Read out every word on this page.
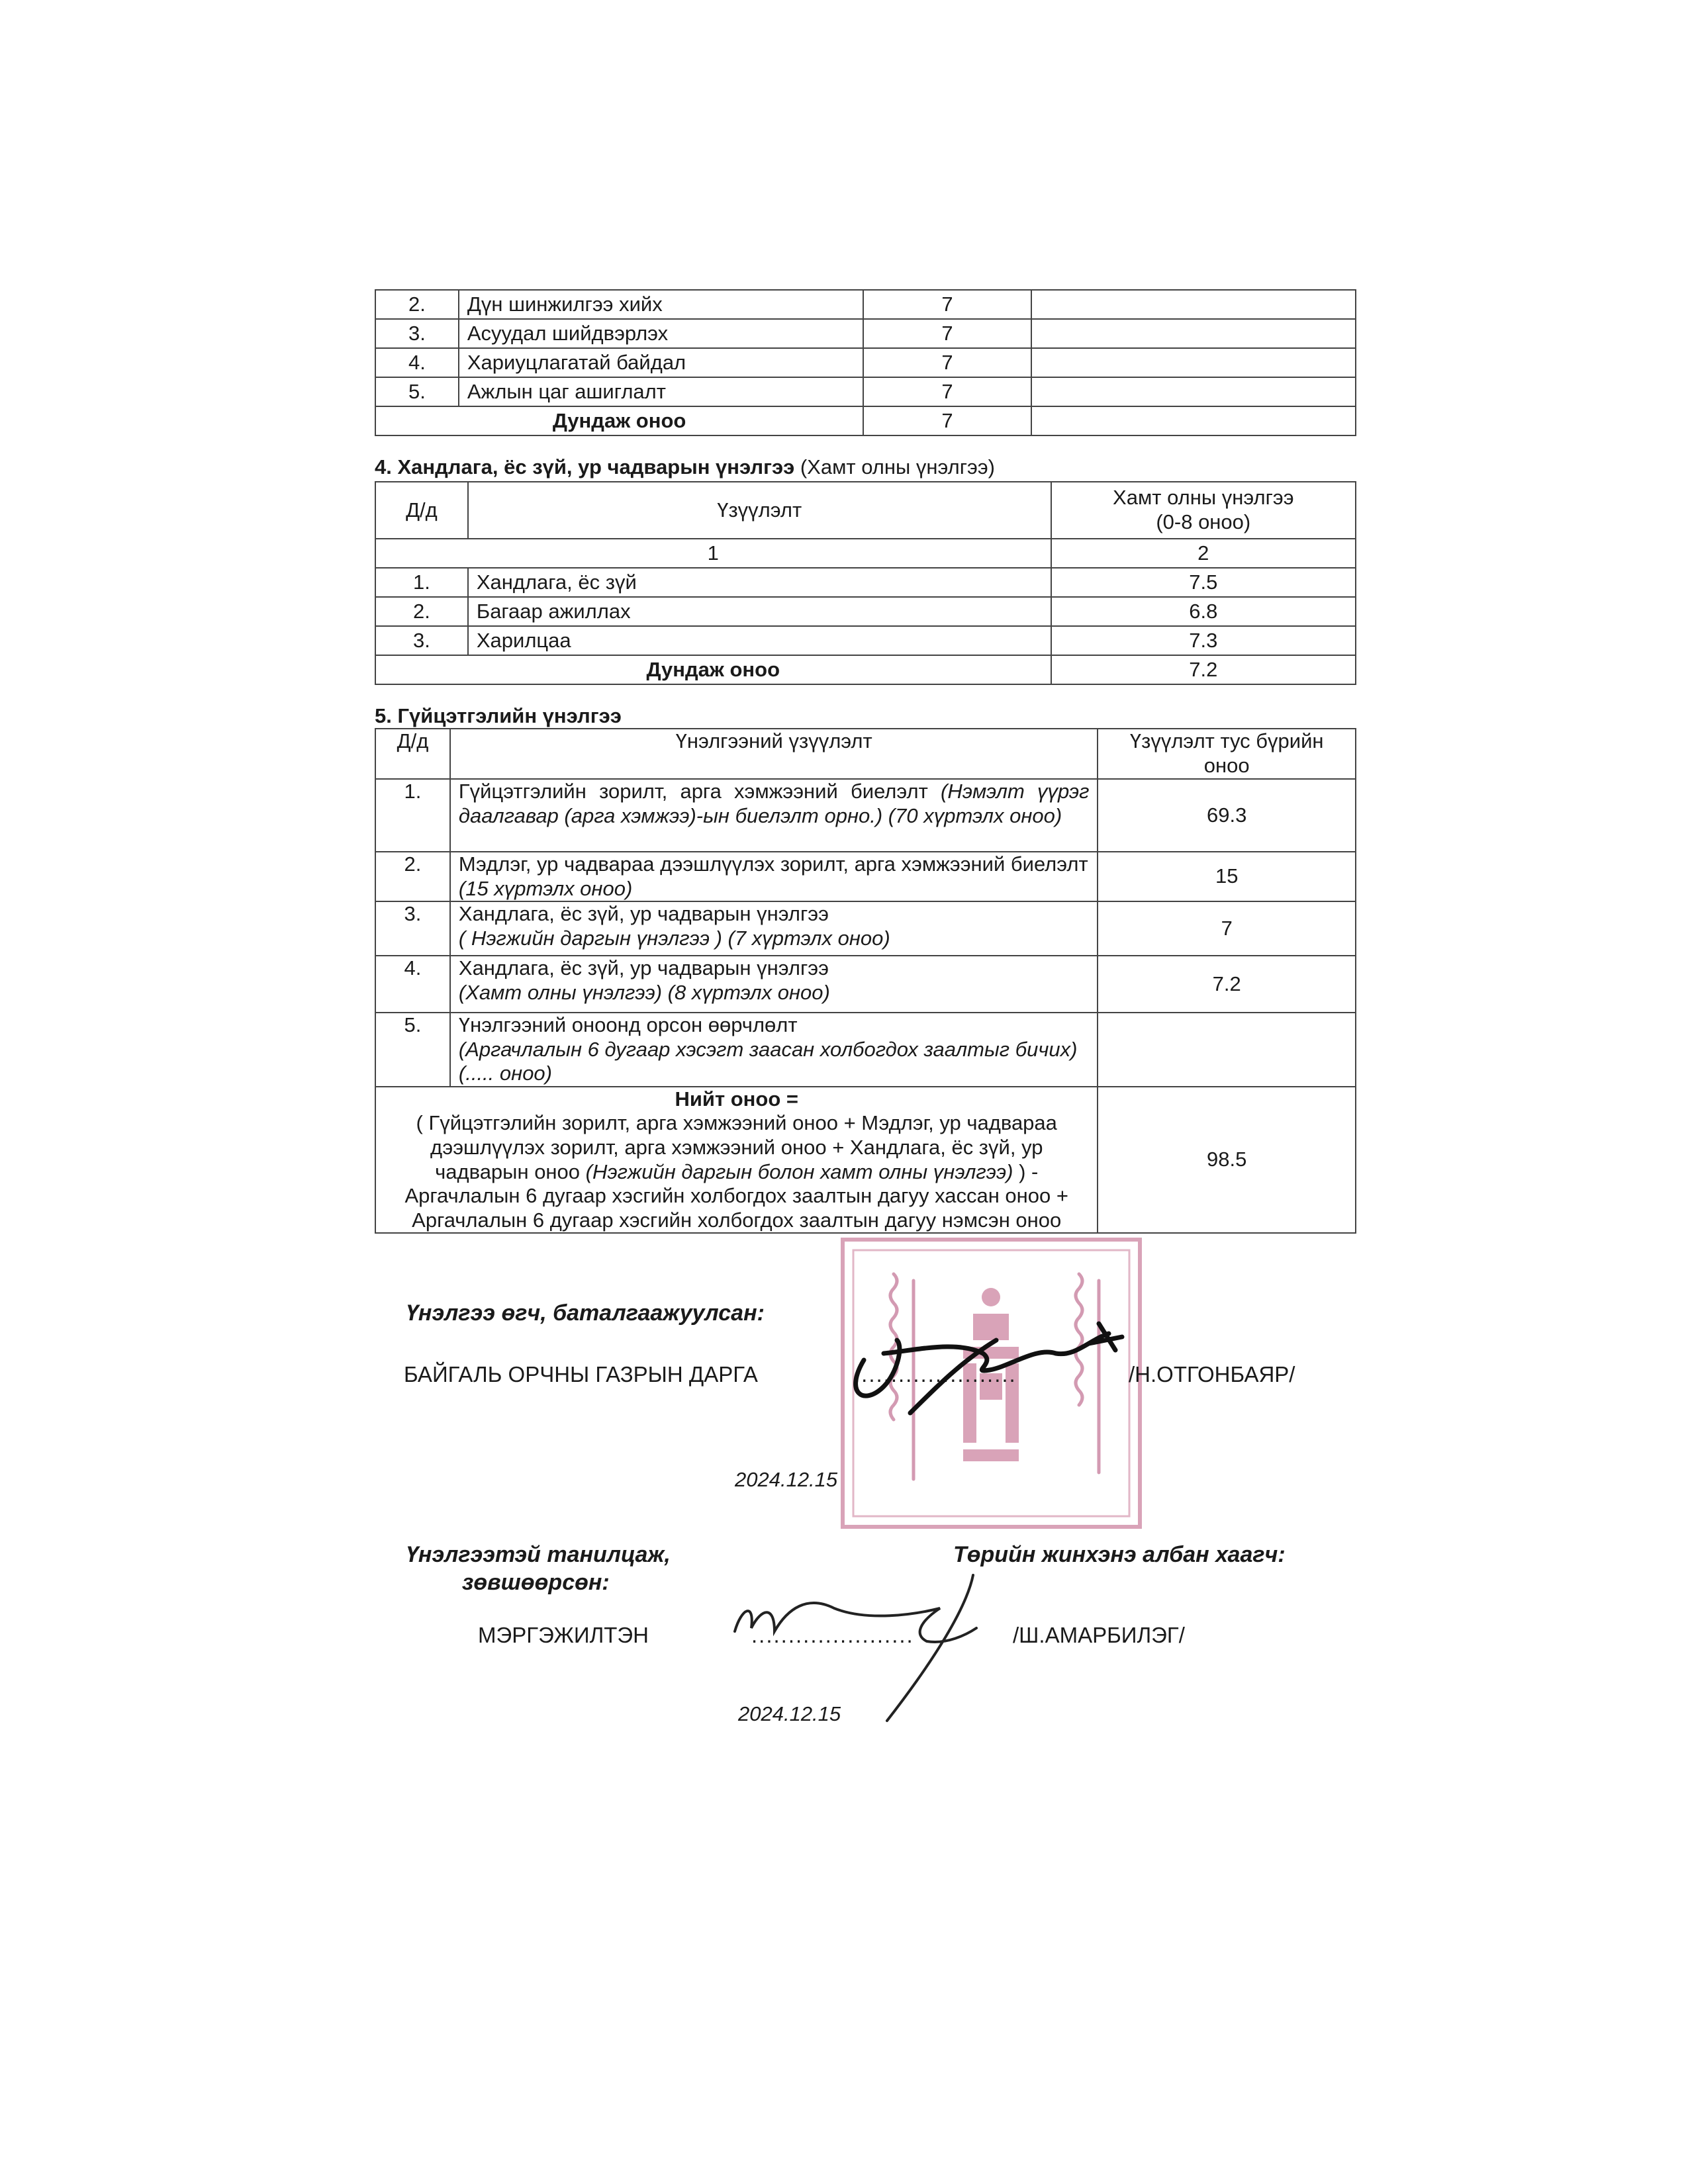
2.	Дүн шинжилгээ хийх	7	
3.	Асуудал шийдвэрлэх	7	
4.	Хариуцлагатай байдал	7	
5.	Ажлын цаг ашиглалт	7	
Дундаж оноо		7	
4. Хандлага, ёс зүй, ур чадварын үнэлгээ (Хамт олны үнэлгээ)
Д/д	Үзүүлэлт	Хамт олны үнэлгээ
(0-8 оноо)

1		2
1.	Хандлага, ёс зүй	7.5
2.	Багаар ажиллах	6.8
3.	Харилцаа	7.3
Дундаж оноо		7.2
5. Гүйцэтгэлийн үнэлгээ
Д/д	Үнэлгээний үзүүлэлт	Үзүүлэлт тус бүрийн
оноо

1.	Гүйцэтгэлийн зорилт, арга хэмжээний биелэлт (Нэмэлт үүрэг даалгавар (арга хэмжээ)-ын биелэлт орно.) (70 хүртэлх оноо)	69.3
2.	Мэдлэг, ур чадвараа дээшлүүлэх зорилт, арга хэмжээний биелэлт (15 хүртэлх оноо)	15
3.	Хандлага, ёс зүй, ур чадварын үнэлгээ
( Нэгжийн даргын үнэлгээ ) (7 хүртэлх оноо)	7
4.	Хандлага, ёс зүй, ур чадварын үнэлгээ
(Хамт олны үнэлгээ) (8 хүртэлх оноо)	7.2
5.	Үнэлгээний оноонд орсон өөрчлөлт
(Аргачлалын 6 дугаар хэсэгт заасан холбогдох заалтыг бичих) (..... оноо)	

Нийт оноо =
( Гүйцэтгэлийн зорилт, арга хэмжээний оноо + Мэдлэг, ур чадвараа дээшлүүлэх зорилт, арга хэмжээний оноо + Хандлага, ёс зүй, ур чадварын оноо (Нэгжийн даргын болон хамт олны үнэлгээ) ) - Аргачлалын 6 дугаар хэсгийн холбогдох заалтын дагуу хассан оноо + Аргачлалын 6 дугаар хэсгийн холбогдох заалтын дагуу нэмсэн оноо		98.5
Үнэлгээ өгч, баталгаажуулсан:
БАЙГАЛЬ ОРЧНЫ ГАЗРЫН ДАРГА	......................	/Н.ОТГОНБАЯР/
2024.12.15
Үнэлгээтэй танилцаж,
зөвшөөрсөн:
Төрийн жинхэнэ албан хаагч:
МЭРГЭЖИЛТЭН	......................	/Ш.АМАРБИЛЭГ/
2024.12.15
